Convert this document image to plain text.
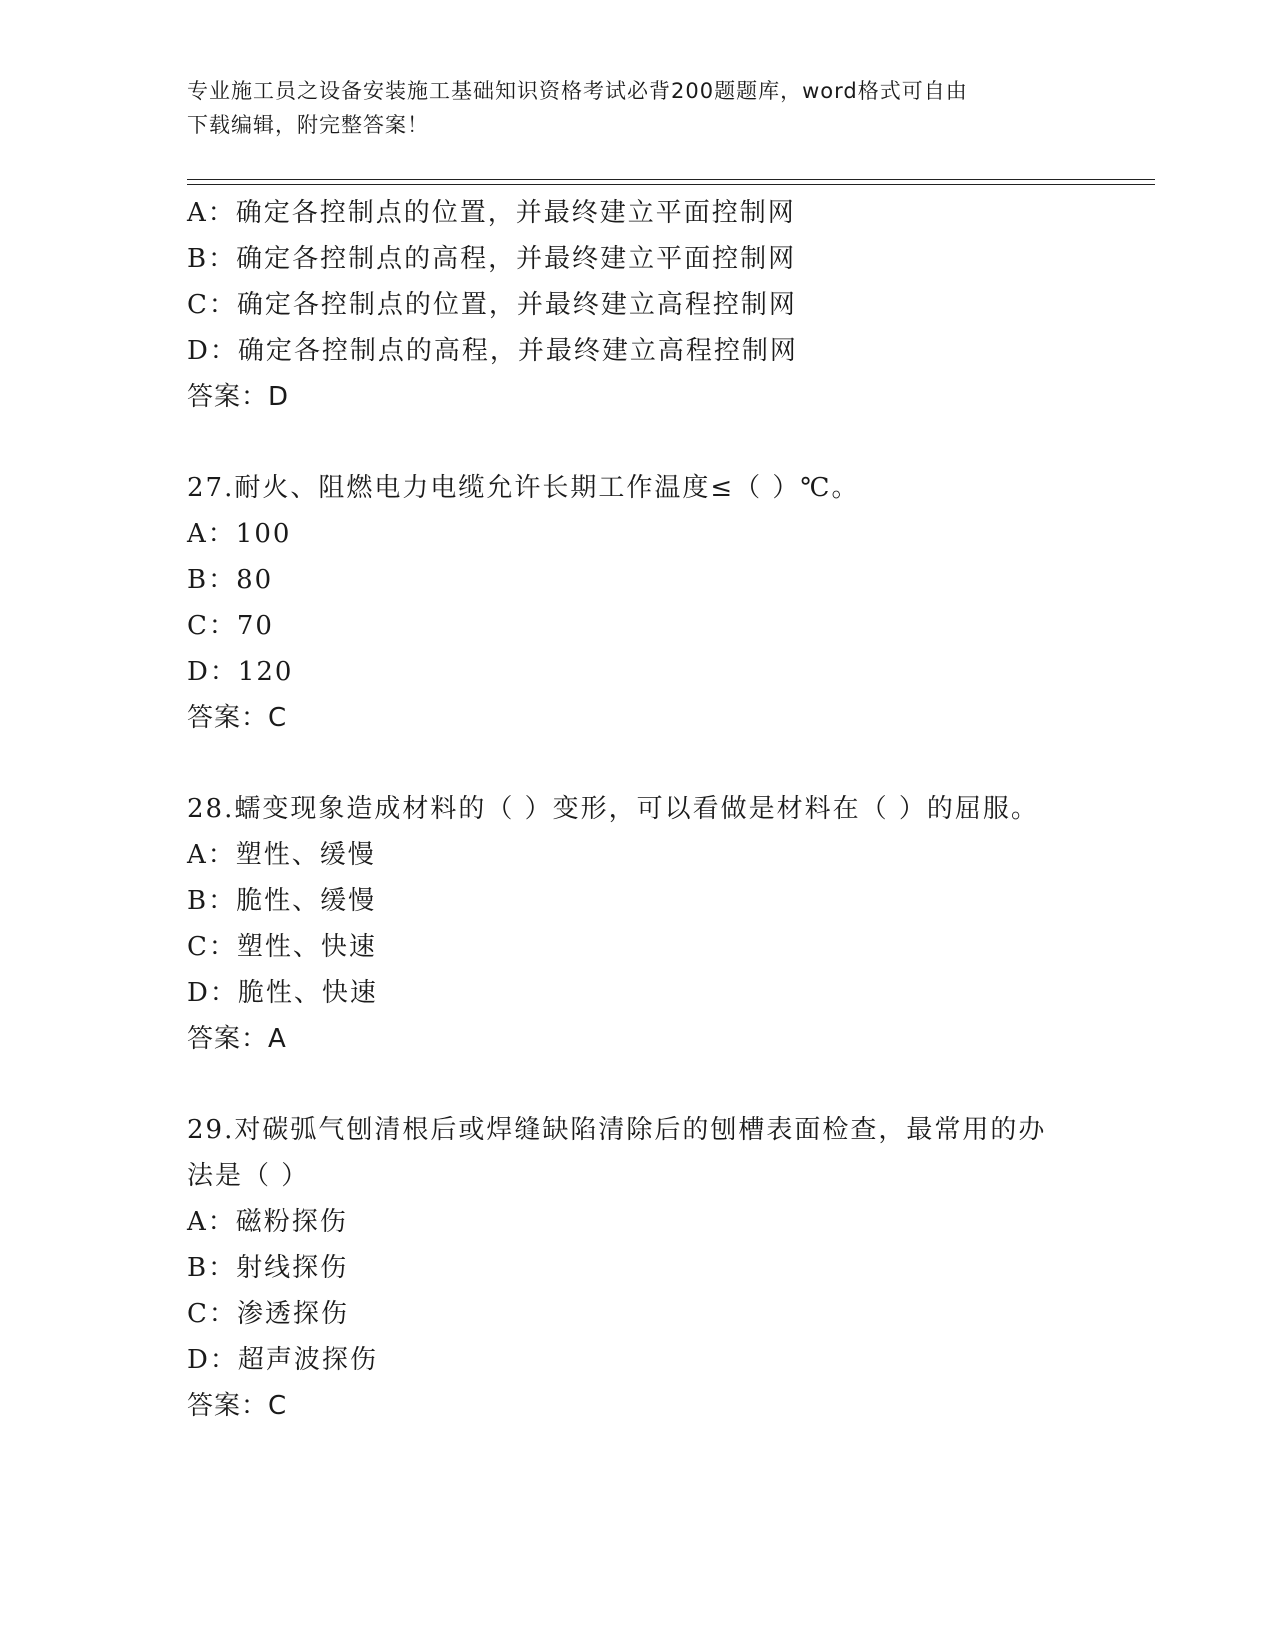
专业施工员之设备安装施工基础知识资格考试必背200题题库，word格式可自由
下载编辑，附完整答案！
A：确定各控制点的位置，并最终建立平面控制网
B：确定各控制点的高程，并最终建立平面控制网
C：确定各控制点的位置，并最终建立高程控制网
D：确定各控制点的高程，并最终建立高程控制网
答案：D
27.耐火、阻燃电力电缆允许长期工作温度≤（ ）℃。
A：100
B：80
C：70
D：120
答案：C
28.蠕变现象造成材料的（ ）变形，可以看做是材料在（ ）的屈服。
A：塑性、缓慢
B：脆性、缓慢
C：塑性、快速
D：脆性、快速
答案：A
29.对碳弧气刨清根后或焊缝缺陷清除后的刨槽表面检查，最常用的办
法是（ ）
A：磁粉探伤
B：射线探伤
C：渗透探伤
D：超声波探伤
答案：C
